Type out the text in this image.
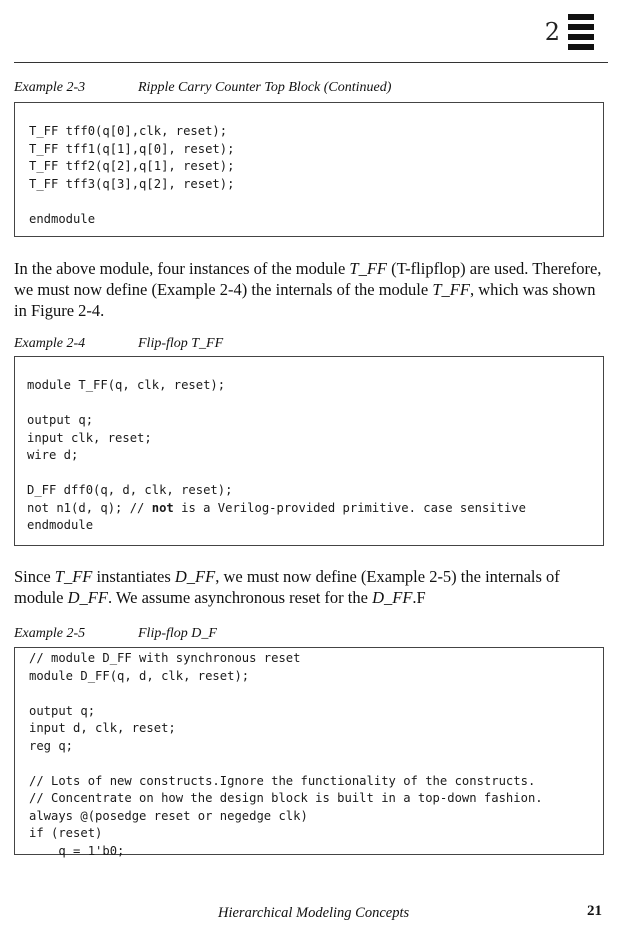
2
Example 2-3	Ripple Carry Counter Top Block (Continued)
T_FF tff0(q[0],clk, reset);
T_FF tff1(q[1],q[0], reset);
T_FF tff2(q[2],q[1], reset);
T_FF tff3(q[3],q[2], reset);
endmodule
In the above module, four instances of the module T_FF (T-flipflop) are used. Therefore, we must now define (Example 2-4) the internals of the module T_FF, which was shown in Figure 2-4.
Example 2-4	Flip-flop T_FF
module T_FF(q, clk, reset);
output q;
input clk, reset;
wire d;
D_FF dff0(q, d, clk, reset);
not n1(d, q); // not is a Verilog-provided primitive. case sensitive
endmodule
Since T_FF instantiates D_FF, we must now define (Example 2-5) the internals of module D_FF. We assume asynchronous reset for the D_FF.F
Example 2-5	Flip-flop D_F
// module D_FF with synchronous reset
module D_FF(q, d, clk, reset);
output q;
input d, clk, reset;
reg q;
// Lots of new constructs.Ignore the functionality of the constructs.
// Concentrate on how the design block is built in a top-down fashion.
always @(posedge reset or negedge clk)
if (reset)
q = 1'b0;
Hierarchical Modeling Concepts	21
